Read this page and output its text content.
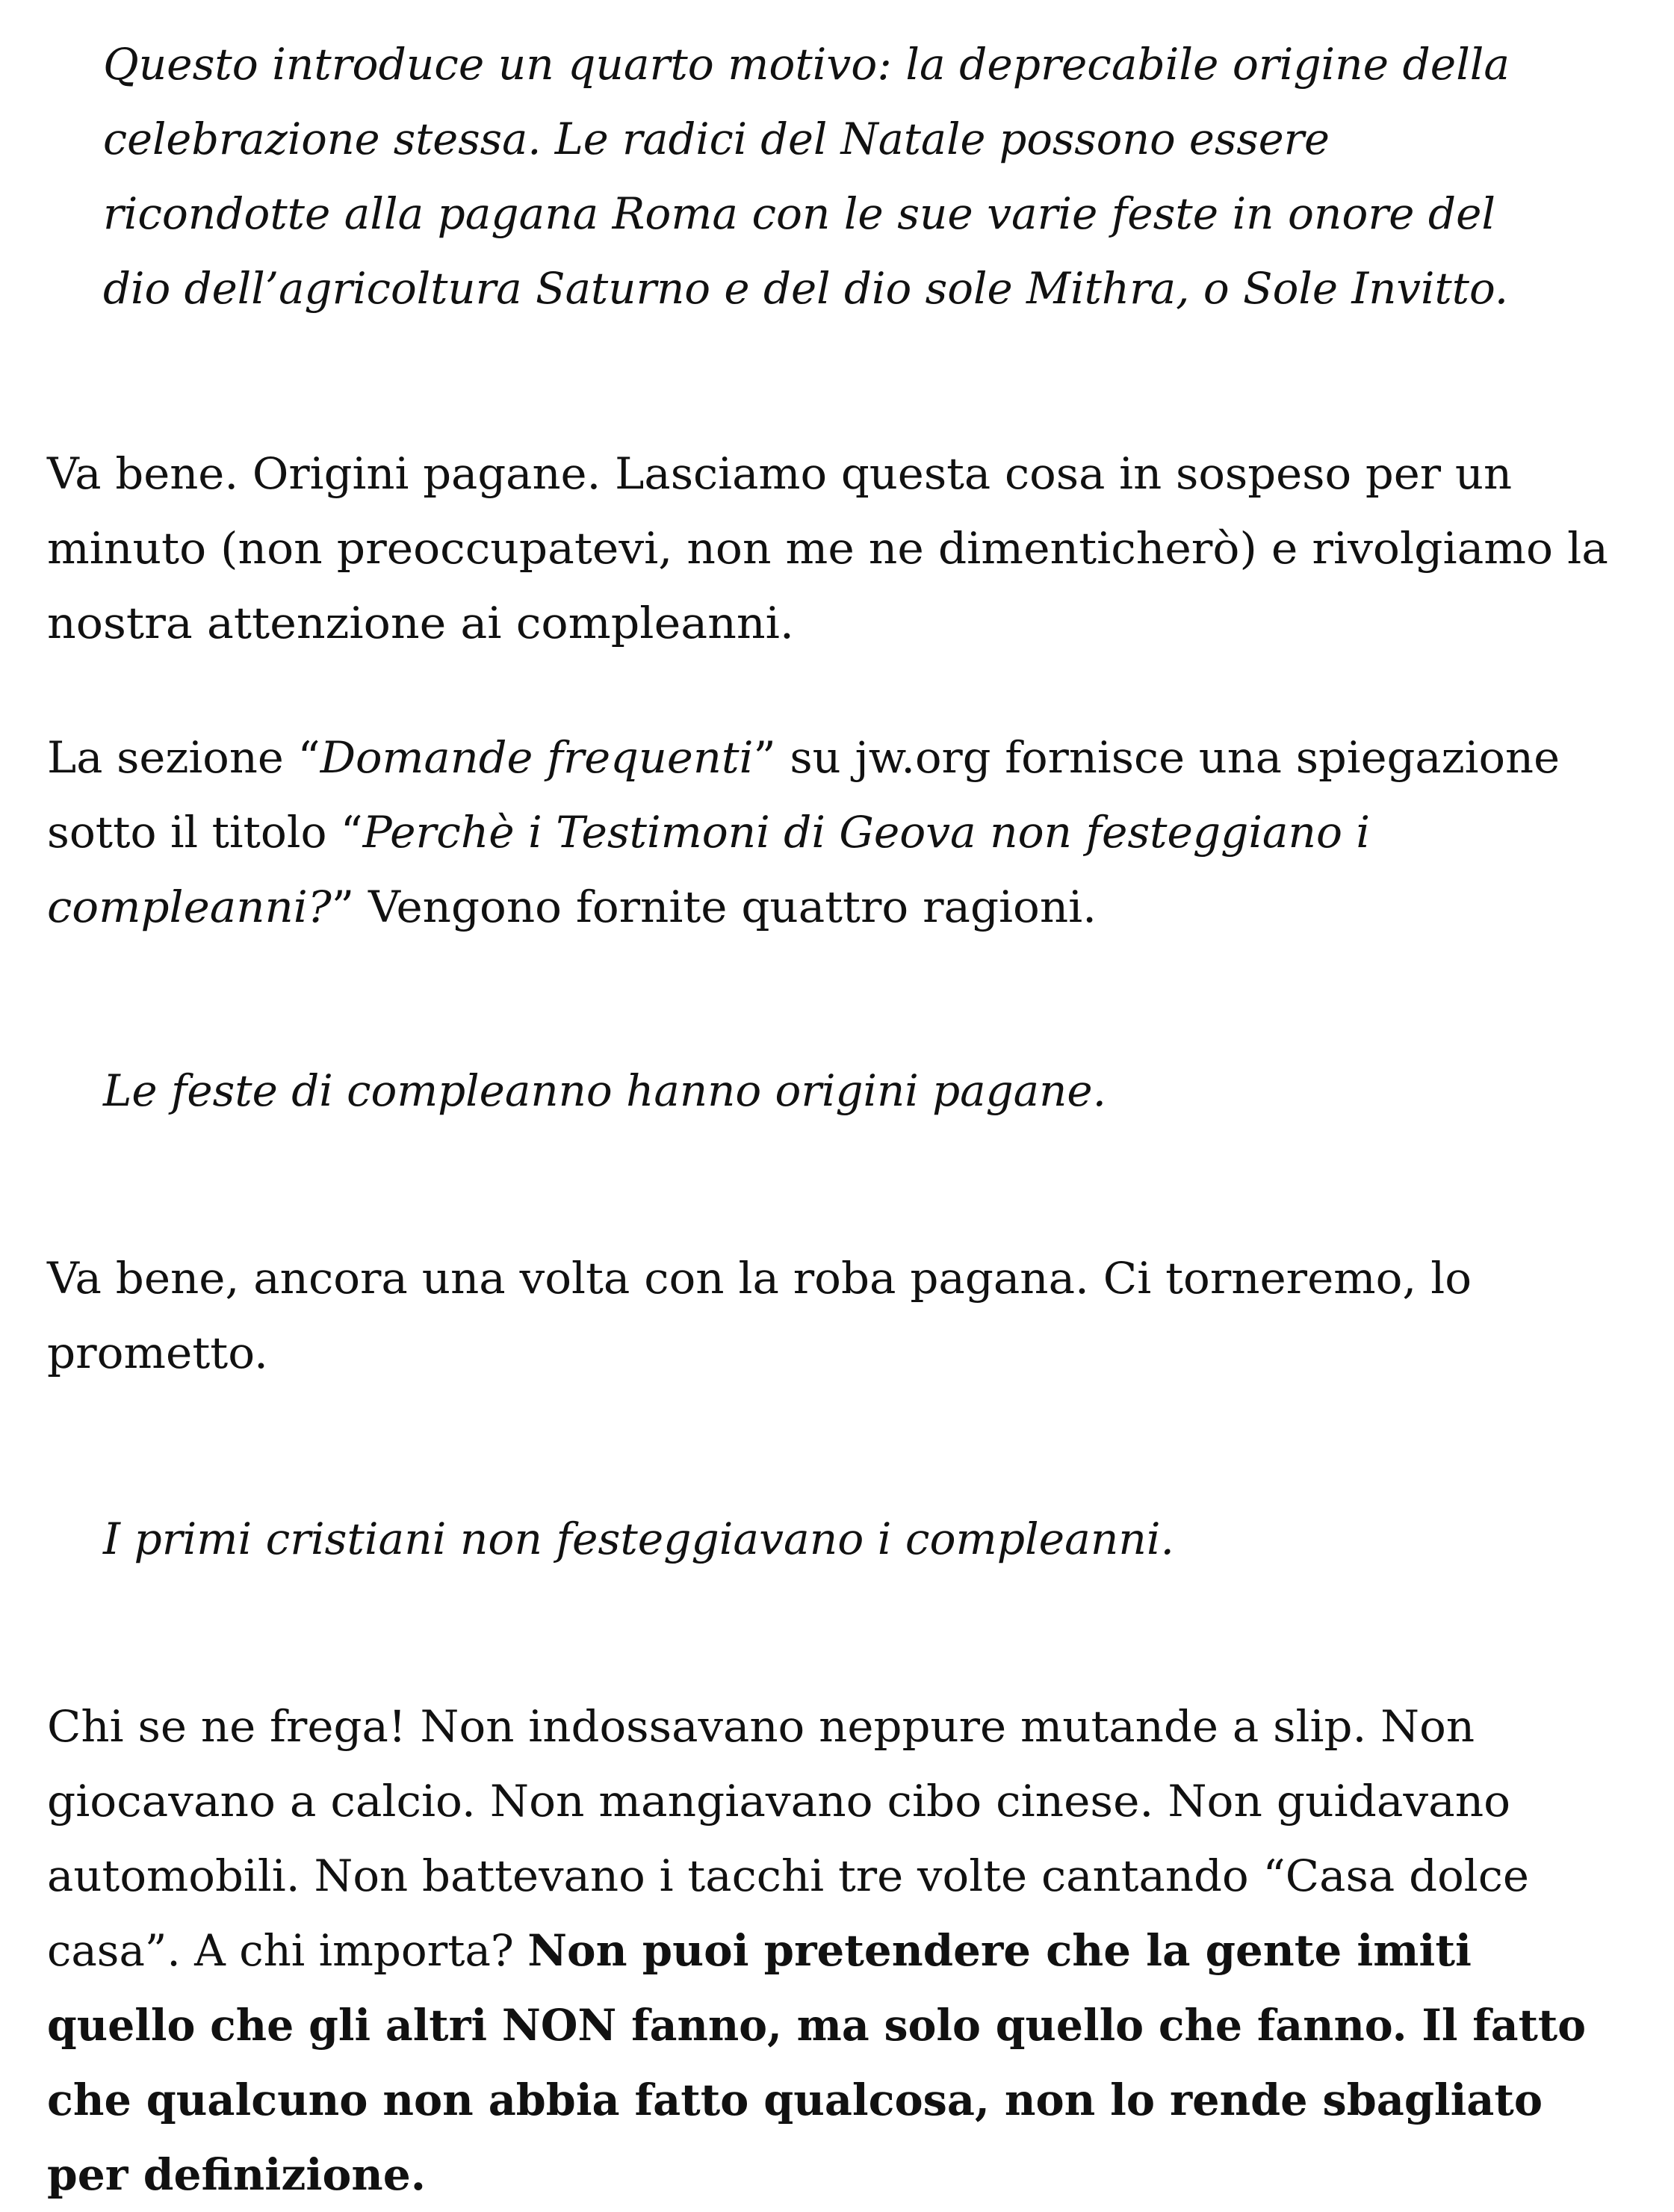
Questo introduce un quarto motivo: la deprecabile origine della
celebrazione stessa. Le radici del Natale possono essere
ricondotte alla pagana Roma con le sue varie feste in onore del
dio dell’agricoltura Saturno e del dio sole Mithra, o Sole Invitto.
Va bene. Origini pagane. Lasciamo questa cosa in sospeso per un
minuto (non preoccupatevi, non me ne dimenticherò) e rivolgiamo la
nostra attenzione ai compleanni.
La sezione “Domande frequenti” su jw.org fornisce una spiegazione
sotto il titolo “Perchè i Testimoni di Geova non festeggiano i
compleanni?” Vengono fornite quattro ragioni.
Le feste di compleanno hanno origini pagane.
Va bene, ancora una volta con la roba pagana. Ci torneremo, lo
prometto.
I primi cristiani non festeggiavano i compleanni.
Chi se ne frega! Non indossavano neppure mutande a slip. Non
giocavano a calcio. Non mangiavano cibo cinese. Non guidavano
automobili. Non battevano i tacchi tre volte cantando “Casa dolce
casa”. A chi importa? Non puoi pretendere che la gente imiti
quello che gli altri NON fanno, ma solo quello che fanno. Il fatto
che qualcuno non abbia fatto qualcosa, non lo rende sbagliato
per definizione.
